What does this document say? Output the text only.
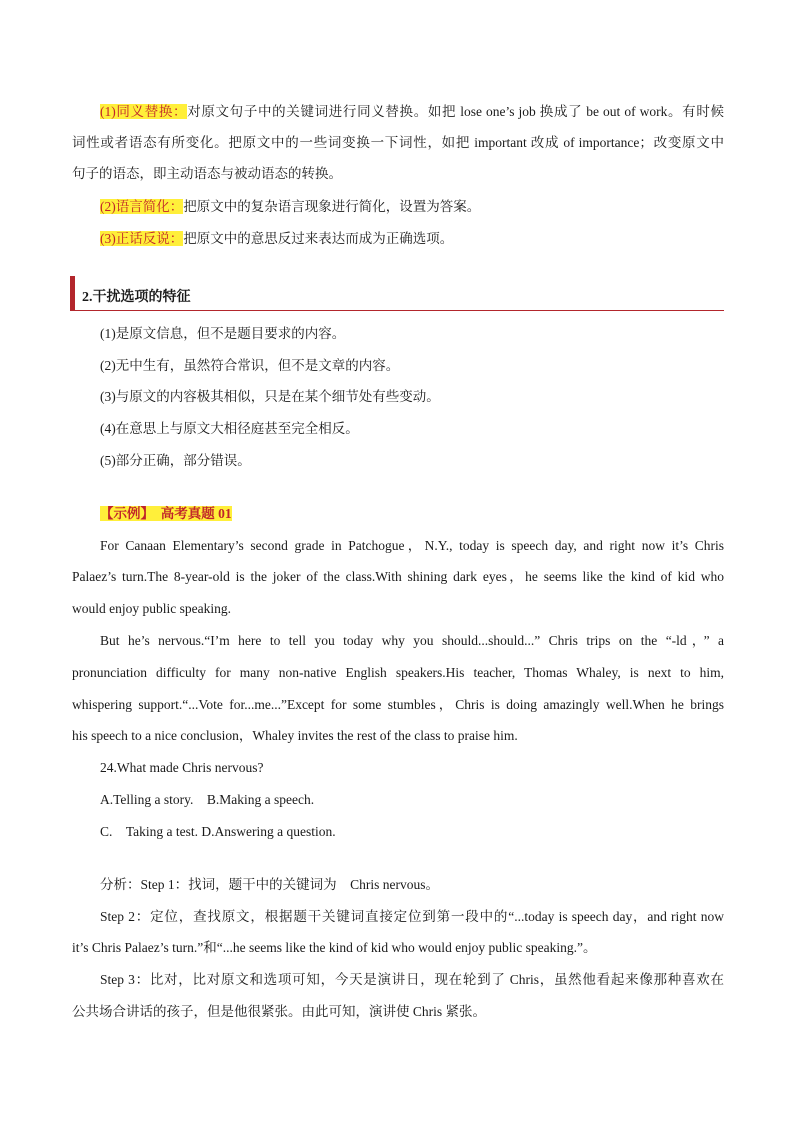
(1)同义替换：对原文句子中的关键词进行同义替换。如把 lose one’s job 换成了 be out of work。有时候
词性或者语态有所变化。把原文中的一些词变换一下词性，如把 important 改成 of importance；改变原文中
句子的语态，即主动语态与被动语态的转换。
(2)语言简化：把原文中的复杂语言现象进行简化，设置为答案。
(3)正话反说：把原文中的意思反过来表达而成为正确选项。
2.干扰选项的特征
(1)是原文信息，但不是题目要求的内容。
(2)无中生有，虽然符合常识，但不是文章的内容。
(3)与原文的内容极其相似，只是在某个细节处有些变动。
(4)在意思上与原文大相径庭甚至完全相反。
(5)部分正确，部分错误。
【示例】　高考真题 01
For Canaan Elementary’s second grade in Patchogue，N.Y., today is speech day, and right now it’s Chris
Palaez’s turn.The 8-year-old is the joker of the class.With shining dark eyes，he seems like the kind of kid who
would enjoy public speaking.
But he’s nervous.“I’m here to tell you today why you should...should...” Chris trips on the “-ld，” a
pronunciation difficulty for many non-native English speakers.His teacher, Thomas Whaley, is next to him,
whispering support.“...Vote for...me...”Except for some stumbles，Chris is doing amazingly well.When he brings
his speech to a nice conclusion，Whaley invites the rest of the class to praise him.
24.What made Chris nervous?
A.Telling a story.　B.Making a speech.
C.　Taking a test. D.Answering a question.
分析：Step 1：找词，题干中的关键词为　Chris nervous。
Step 2：定位，查找原文，根据题干关键词直接定位到第一段中的“...today is speech day，and right now
it’s Chris Palaez’s turn.”和“...he seems like the kind of kid who would enjoy public speaking.”。
Step 3：比对，比对原文和选项可知，今天是演讲日，现在轮到了 Chris，虽然他看起来像那种喜欢在
公共场合讲话的孩子，但是他很紧张。由此可知，演讲使 Chris 紧张。
